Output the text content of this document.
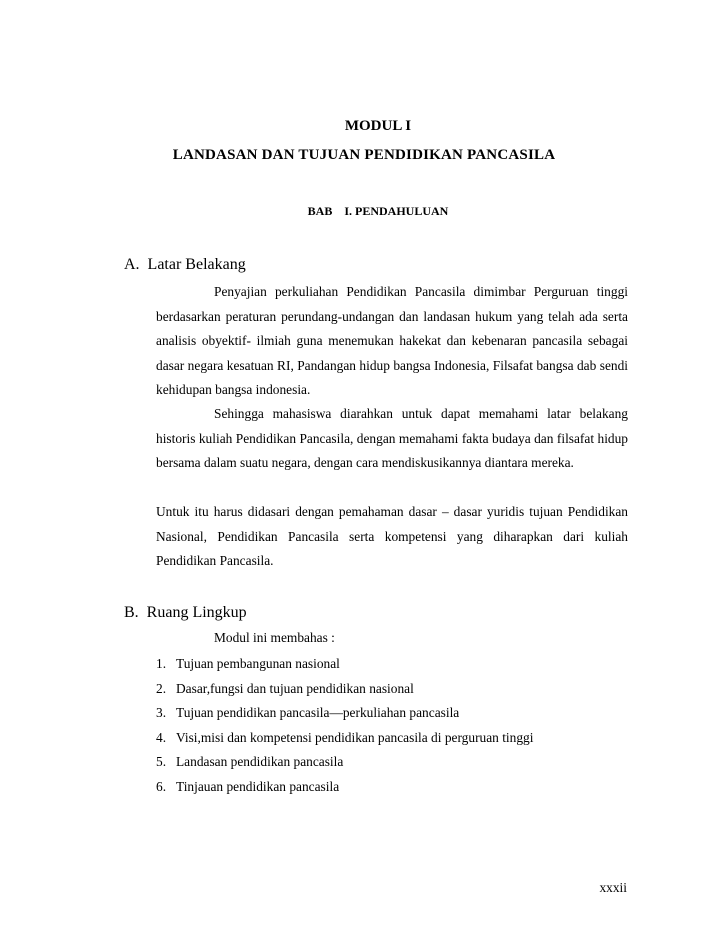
MODUL I
LANDASAN DAN TUJUAN PENDIDIKAN PANCASILA
BAB    I. PENDAHULUAN
A.  Latar Belakang

Penyajian perkuliahan Pendidikan Pancasila dimimbar Perguruan tinggi berdasarkan peraturan perundang-undangan dan landasan hukum yang telah ada serta analisis obyektif- ilmiah guna menemukan hakekat dan kebenaran pancasila sebagai dasar negara kesatuan RI, Pandangan hidup bangsa Indonesia, Filsafat bangsa dab sendi kehidupan bangsa indonesia.

Sehingga mahasiswa diarahkan untuk dapat memahami latar belakang historis kuliah Pendidikan Pancasila, dengan memahami fakta budaya dan filsafat hidup bersama dalam suatu negara, dengan cara mendiskusikannya diantara mereka.

Untuk itu harus didasari dengan pemahaman dasar – dasar yuridis tujuan Pendidikan Nasional, Pendidikan Pancasila serta kompetensi yang diharapkan dari kuliah Pendidikan Pancasila.

B.  Ruang Lingkup
Modul ini membahas :
1. Tujuan pembangunan nasional
2. Dasar,fungsi dan tujuan pendidikan nasional
3. Tujuan pendidikan pancasila—perkuliahan pancasila
4. Visi,misi dan kompetensi pendidikan pancasila di perguruan tinggi
5. Landasan pendidikan pancasila
6. Tinjauan pendidikan pancasila
xxxii
